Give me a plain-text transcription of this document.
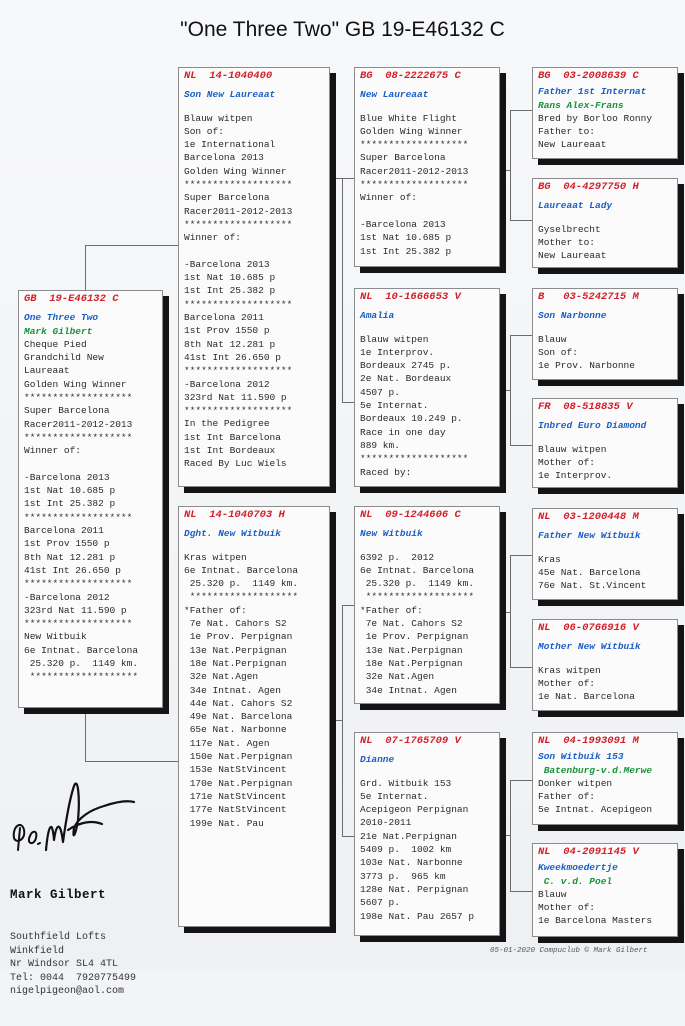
"One Three Two" GB 19-E46132 C
GB  19-E46132 C
One Three Two
Mark Gilbert
Cheque Pied
Grandchild New
Laureaat
Golden Wing Winner
*******************
Super Barcelona
Racer2011-2012-2013
*******************
Winner of:
-Barcelona 2013
1st Nat 10.685 p
1st Int 25.382 p
*******************
Barcelona 2011
1st Prov 1550 p
8th Nat 12.281 p
41st Int 26.650 p
*******************
-Barcelona 2012
323rd Nat 11.590 p
*******************
New Witbuik
6e Intnat. Barcelona
25.320 p.  1149 km.
*******************
NL  14-1040400
Son New Laureaat
Blauw witpen
Son of:
1e International
Barcelona 2013
Golden Wing Winner
*******************
Super Barcelona
Racer2011-2012-2013
*******************
Winner of:
-Barcelona 2013
1st Nat 10.685 p
1st Int 25.382 p
*******************
Barcelona 2011
1st Prov 1550 p
8th Nat 12.281 p
41st Int 26.650 p
*******************
-Barcelona 2012
323rd Nat 11.590 p
*******************
In the Pedigree
1st Int Barcelona
1st Int Bordeaux
Raced By Luc Wiels
NL  14-1040703 H
Dght. New Witbuik
Kras witpen
6e Intnat. Barcelona
25.320 p.  1149 km.
*******************
*Father of:
7e Nat. Cahors S2
1e Prov. Perpignan
13e Nat.Perpignan
18e Nat.Perpignan
32e Nat.Agen
34e Intnat. Agen
44e Nat. Cahors S2
49e Nat. Barcelona
65e Nat. Narbonne
117e Nat. Agen
150e Nat.Perpignan
153e NatStVincent
170e Nat.Perpignan
171e NatStVincent
177e NatStVincent
199e Nat. Pau
BG  08-2222675 C
New Laureaat
Blue White Flight
Golden Wing Winner
*******************
Super Barcelona
Racer2011-2012-2013
*******************
Winner of:
-Barcelona 2013
1st Nat 10.685 p
1st Int 25.382 p
NL  10-1666653 V
Amalia
Blauw witpen
1e Interprov.
Bordeaux 2745 p.
2e Nat. Bordeaux
4507 p.
5e Internat.
Bordeaux 10.249 p.
Race in one day
889 km.
*******************
Raced by:
NL  09-1244606 C
New Witbuik
6392 p.  2012
6e Intnat. Barcelona
25.320 p.  1149 km.
*******************
*Father of:
7e Nat. Cahors S2
1e Prov. Perpignan
13e Nat.Perpignan
18e Nat.Perpignan
32e Nat.Agen
34e Intnat. Agen
NL  07-1765709 V
Dianne
Grd. Witbuik 153
5e Internat.
Acepigeon Perpignan
2010-2011
21e Nat.Perpignan
5409 p.  1002 km
103e Nat. Narbonne
3773 p.  965 km
128e Nat. Perpignan
5607 p.
198e Nat. Pau 2657 p
BG  03-2008639 C
Father 1st Internat
Rans Alex-Frans
Bred by Borloo Ronny
Father to:
New Laureaat
BG  04-4297750 H
Laureaat Lady
Gyselbrecht
Mother to:
New Laureaat
B   03-5242715 M
Son Narbonne
Blauw
Son of:
1e Prov. Narbonne
FR  08-518835 V
Inbred Euro Diamond
Blauw witpen
Mother of:
1e Interprov.
NL  03-1200448 M
Father New Witbuik
Kras
45e Nat. Barcelona
76e Nat. St.Vincent
NL  06-0766916 V
Mother New Witbuik
Kras witpen
Mother of:
1e Nat. Barcelona
NL  04-1993091 M
Son Witbuik 153
Batenburg-v.d.Merwe
Donker witpen
Father of:
5e Intnat. Acepigeon
NL  04-2091145 V
Kweekmoedertje
C. v.d. Poel
Blauw
Mother of:
1e Barcelona Masters

Mark Gilbert

Southfield Lofts
Winkfield
Nr Windsor SL4 4TL
Tel: 0044  7920775499
nigelpigeon@aol.com

05-01-2020 Compuclub © Mark Gilbert
